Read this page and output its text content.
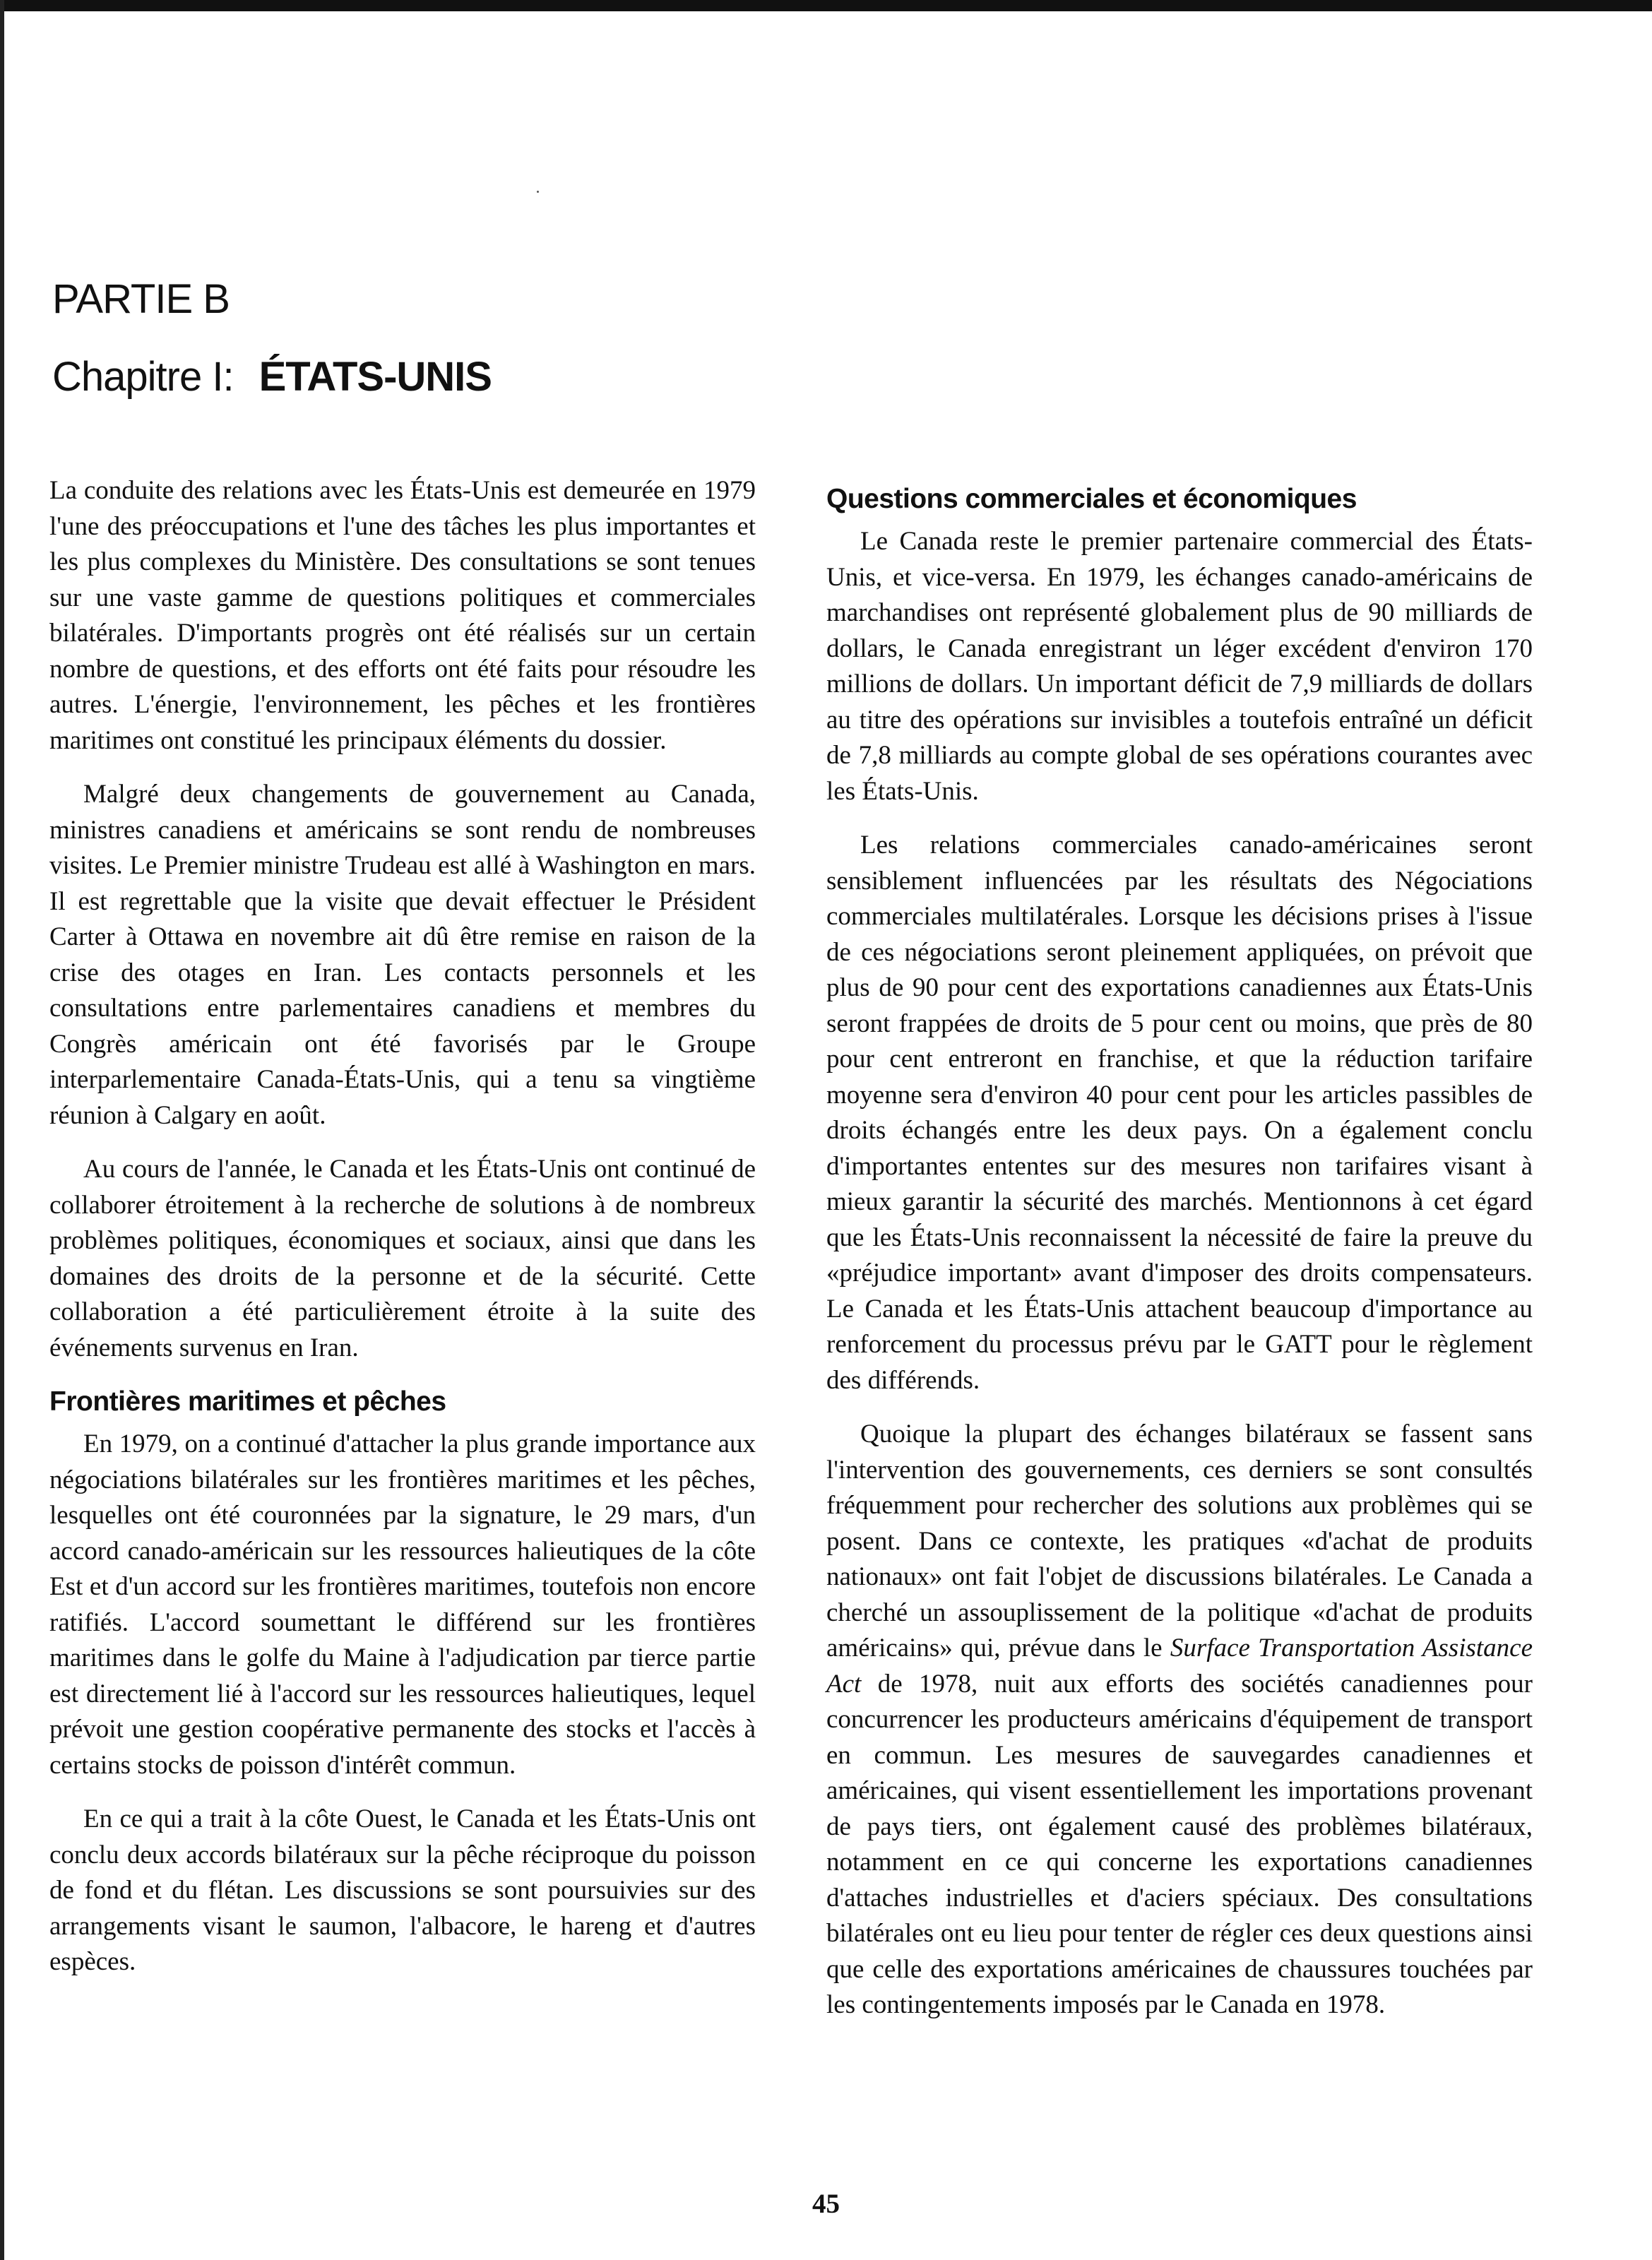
PARTIE B
Chapitre I: ÉTATS-UNIS

La conduite des relations avec les États-Unis est demeurée en 1979 l'une des préoccupations et l'une des tâches les plus importantes et les plus complexes du Ministère. Des consultations se sont tenues sur une vaste gamme de questions politiques et commerciales bilatérales. D'importants progrès ont été réalisés sur un certain nombre de questions, et des efforts ont été faits pour résoudre les autres. L'énergie, l'environnement, les pêches et les frontières maritimes ont constitué les principaux éléments du dossier.

Malgré deux changements de gouvernement au Canada, ministres canadiens et américains se sont rendu de nombreuses visites. Le Premier ministre Trudeau est allé à Washington en mars. Il est regrettable que la visite que devait effectuer le Président Carter à Ottawa en novembre ait dû être remise en raison de la crise des otages en Iran. Les contacts personnels et les consultations entre parlementaires canadiens et membres du Congrès américain ont été favorisés par le Groupe interparlementaire Canada-États-Unis, qui a tenu sa vingtième réunion à Calgary en août.

Au cours de l'année, le Canada et les États-Unis ont continué de collaborer étroitement à la recherche de solutions à de nombreux problèmes politiques, économiques et sociaux, ainsi que dans les domaines des droits de la personne et de la sécurité. Cette collaboration a été particulièrement étroite à la suite des événements survenus en Iran.

Frontières maritimes et pêches

En 1979, on a continué d'attacher la plus grande importance aux négociations bilatérales sur les frontières maritimes et les pêches, lesquelles ont été couronnées par la signature, le 29 mars, d'un accord canado-américain sur les ressources halieutiques de la côte Est et d'un accord sur les frontières maritimes, toutefois non encore ratifiés. L'accord soumettant le différend sur les frontières maritimes dans le golfe du Maine à l'adjudication par tierce partie est directement lié à l'accord sur les ressources halieutiques, lequel prévoit une gestion coopérative permanente des stocks et l'accès à certains stocks de poisson d'intérêt commun.

En ce qui a trait à la côte Ouest, le Canada et les États-Unis ont conclu deux accords bilatéraux sur la pêche réciproque du poisson de fond et du flétan. Les discussions se sont poursuivies sur des arrangements visant le saumon, l'albacore, le hareng et d'autres espèces.

Questions commerciales et économiques

Le Canada reste le premier partenaire commercial des États-Unis, et vice-versa. En 1979, les échanges canado-américains de marchandises ont représenté globalement plus de 90 milliards de dollars, le Canada enregistrant un léger excédent d'environ 170 millions de dollars. Un important déficit de 7,9 milliards de dollars au titre des opérations sur invisibles a toutefois entraîné un déficit de 7,8 milliards au compte global de ses opérations courantes avec les États-Unis.

Les relations commerciales canado-américaines seront sensiblement influencées par les résultats des Négociations commerciales multilatérales. Lorsque les décisions prises à l'issue de ces négociations seront pleinement appliquées, on prévoit que plus de 90 pour cent des exportations canadiennes aux États-Unis seront frappées de droits de 5 pour cent ou moins, que près de 80 pour cent entreront en franchise, et que la réduction tarifaire moyenne sera d'environ 40 pour cent pour les articles passibles de droits échangés entre les deux pays. On a également conclu d'importantes ententes sur des mesures non tarifaires visant à mieux garantir la sécurité des marchés. Mentionnons à cet égard que les États-Unis reconnaissent la nécessité de faire la preuve du «préjudice important» avant d'imposer des droits compensateurs. Le Canada et les États-Unis attachent beaucoup d'importance au renforcement du processus prévu par le GATT pour le règlement des différends.

Quoique la plupart des échanges bilatéraux se fassent sans l'intervention des gouvernements, ces derniers se sont consultés fréquemment pour rechercher des solutions aux problèmes qui se posent. Dans ce contexte, les pratiques «d'achat de produits nationaux» ont fait l'objet de discussions bilatérales. Le Canada a cherché un assouplissement de la politique «d'achat de produits américains» qui, prévue dans le Surface Transportation Assistance Act de 1978, nuit aux efforts des sociétés canadiennes pour concurrencer les producteurs américains d'équipement de transport en commun. Les mesures de sauvegardes canadiennes et américaines, qui visent essentiellement les importations provenant de pays tiers, ont également causé des problèmes bilatéraux, notamment en ce qui concerne les exportations canadiennes d'attaches industrielles et d'aciers spéciaux. Des consultations bilatérales ont eu lieu pour tenter de régler ces deux questions ainsi que celle des exportations américaines de chaussures touchées par les contingentements imposés par le Canada en 1978.

45
